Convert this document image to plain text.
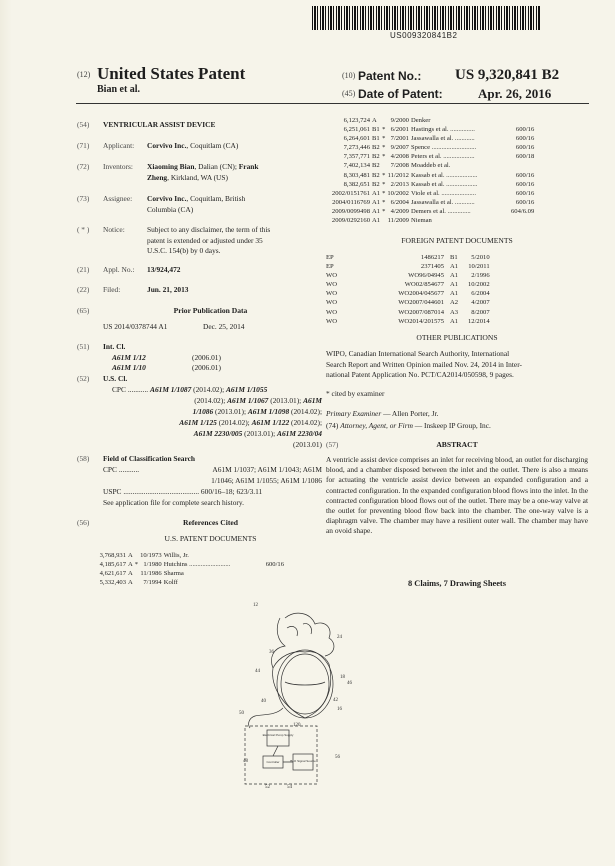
US009320841B2
(12) United States Patent
Bian et al.
(10) Patent No.: US 9,320,841 B2
(45) Date of Patent:	Apr. 26, 2016
(54) VENTRICULAR ASSIST DEVICE
(71) Applicant: Corvivo Inc., Coquitlam (CA)
(72) Inventors: Xiaoming Bian, Dalian (CN); Frank
Zheng, Kirkland, WA (US)
(73) Assignee: Corvivo Inc., Coquitlam, British
Columbia (CA)
( * ) Notice:	Subject to any disclaimer, the term of this
patent is extended or adjusted under 35
U.S.C. 154(b) by 0 days.
(21) Appl. No.: 13/924,472
(22) Filed:	Jun. 21, 2013
(65)	Prior Publication Data
US 2014/0378744 A1	Dec. 25, 2014
(51) Int. Cl.
A61M 1/12	(2006.01)
A61M 1/10	(2006.01)
(52) U.S. Cl.
CPC ........... A61M 1/1087 (2014.02); A61M 1/1055
(2014.02); A61M 1/1067 (2013.01); A61M
1/1086 (2013.01); A61M 1/1098 (2014.02);
A61M 1/125 (2014.02); A61M 1/122 (2014.02);
A61M 2230/005 (2013.01); A61M 2230/04
(2013.01)
(58) Field of Classification Search
CPC ...........	A61M 1/1037; A61M 1/1043; A61M
1/1046; A61M 1/1055; A61M 1/1086
USPC ......................................... 600/16–18; 623/3.11
See application file for complete search history.
(56)	References Cited
U.S. PATENT DOCUMENTS
3,768,931	A		10/1973	Willis, Jr.	
4,185,617	A	*	1/1980	Hutchins .........................	600/16
4,621,617	A		11/1986	Sharma	
5,332,403	A		7/1994	Kolff	
6,123,724	A		9/2000	Denker	
6,251,061	B1	*	6/2001	Hastings et al. ...............	600/16
6,264,601	B1	*	7/2001	Jassawalla et al. ............	600/16
7,273,446	B2	*	9/2007	Spence ...........................	600/16
7,357,771	B2	*	4/2008	Peters et al. ...................	600/18
7,402,134	B2		7/2008	Moaddeb et al.	
8,303,481	B2	*	11/2012	Kassab et al. ...................	600/16
8,382,651	B2	*	2/2013	Kassab et al. ...................	600/16
2002/0151761	A1	*	10/2002	Viole et al. .....................	600/16
2004/0116769	A1	*	6/2004	Jassawalla et al. ............	600/16
2009/0099498	A1	*	4/2009	Demers et al. ..............	604/6.09
2009/0292160	A1		11/2009	Nieman	
FOREIGN PATENT DOCUMENTS
EP	1486217	B1	5/2010
EP	2371405	A1	10/2011
WO	WO96/04945	A1	2/1996
WO	WO02/854677	A1	10/2002
WO	WO2004/045677	A1	6/2004
WO	WO2007/044601	A2	4/2007
WO	WO2007/087014	A3	8/2007
WO	WO2014/201575	A1	12/2014
OTHER PUBLICATIONS
WIPO, Canadian International Search Authority, International
Search Report and Written Opinion mailed Nov. 24, 2014 in Inter-
national Patent Application No. PCT/CA2014/050598, 9 pages.
* cited by examiner
Primary Examiner — Allen Porter, Jr.
(74) Attorney, Agent, or Firm — Inskeep IP Group, Inc.
(57)	ABSTRACT
A ventricle assist device comprises an inlet for receiving blood, an outlet for discharging blood, and a chamber disposed between the inlet and the outlet. There is also a means for actuating the ventricle assist device between an expanded configuration and a contracted configuration. In the expanded configuration blood flows into the inlet. In the contracted configuration blood flows out of the outlet. There may be a one-way valve at the outlet for preventing blood flow back into the chamber. The one-way valve is a diaphragm valve. The chamber may have a resilient outer wall. The chamber may have an ovoid shape.
8 Claims, 7 Drawing Sheets
12
24
36
18
46
44
40
50
42
16
120
48
52	54
56
Electrical Pump Supply
Controller	BLO Signal Source
